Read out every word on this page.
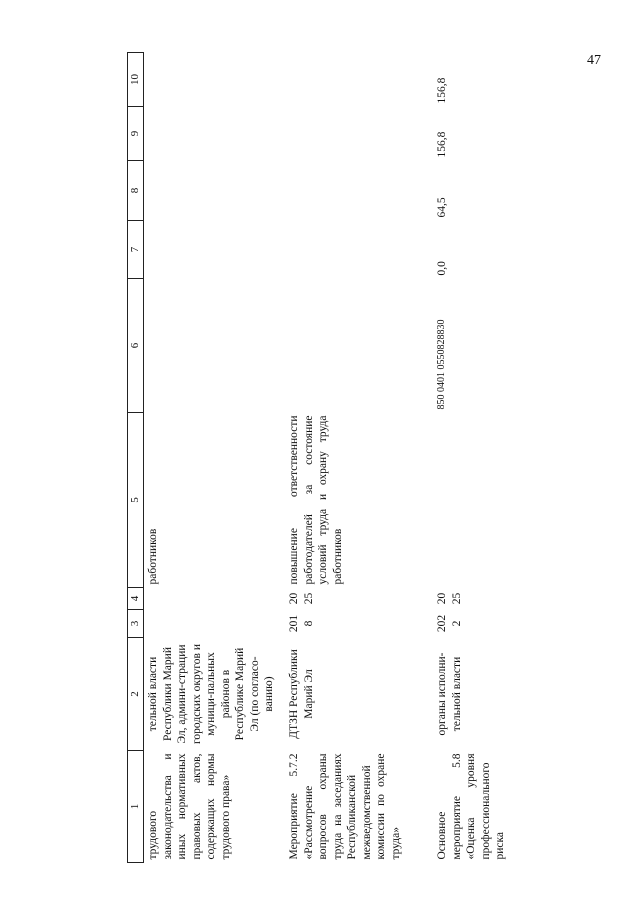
47
1	2	3	4	5	6	7	8	9	10
трудового законодательства и иных нормативных правовых актов, содержащих нормы трудового права»	тельной власти Республики Марий Эл, админи-страции городских округов и муници-пальных районов в Республике Марий Эл (по согласо-ванию)			работников					
Мероприятие 5.7.2 «Рассмотрение вопросов охраны труда на заседаниях Республиканской межведомственной комиссии по охране труда»	ДТЗН Республики Марий Эл	2018	2025	повышение ответственности работодателей за состояние условий труда и охрану труда работников					
Основное мероприятие 5.8 «Оценка уровня профессионального риска	органы исполни-тельной власти	2022	2025		850 0401 0550828830	0,0	64,5	156,8	156,8
